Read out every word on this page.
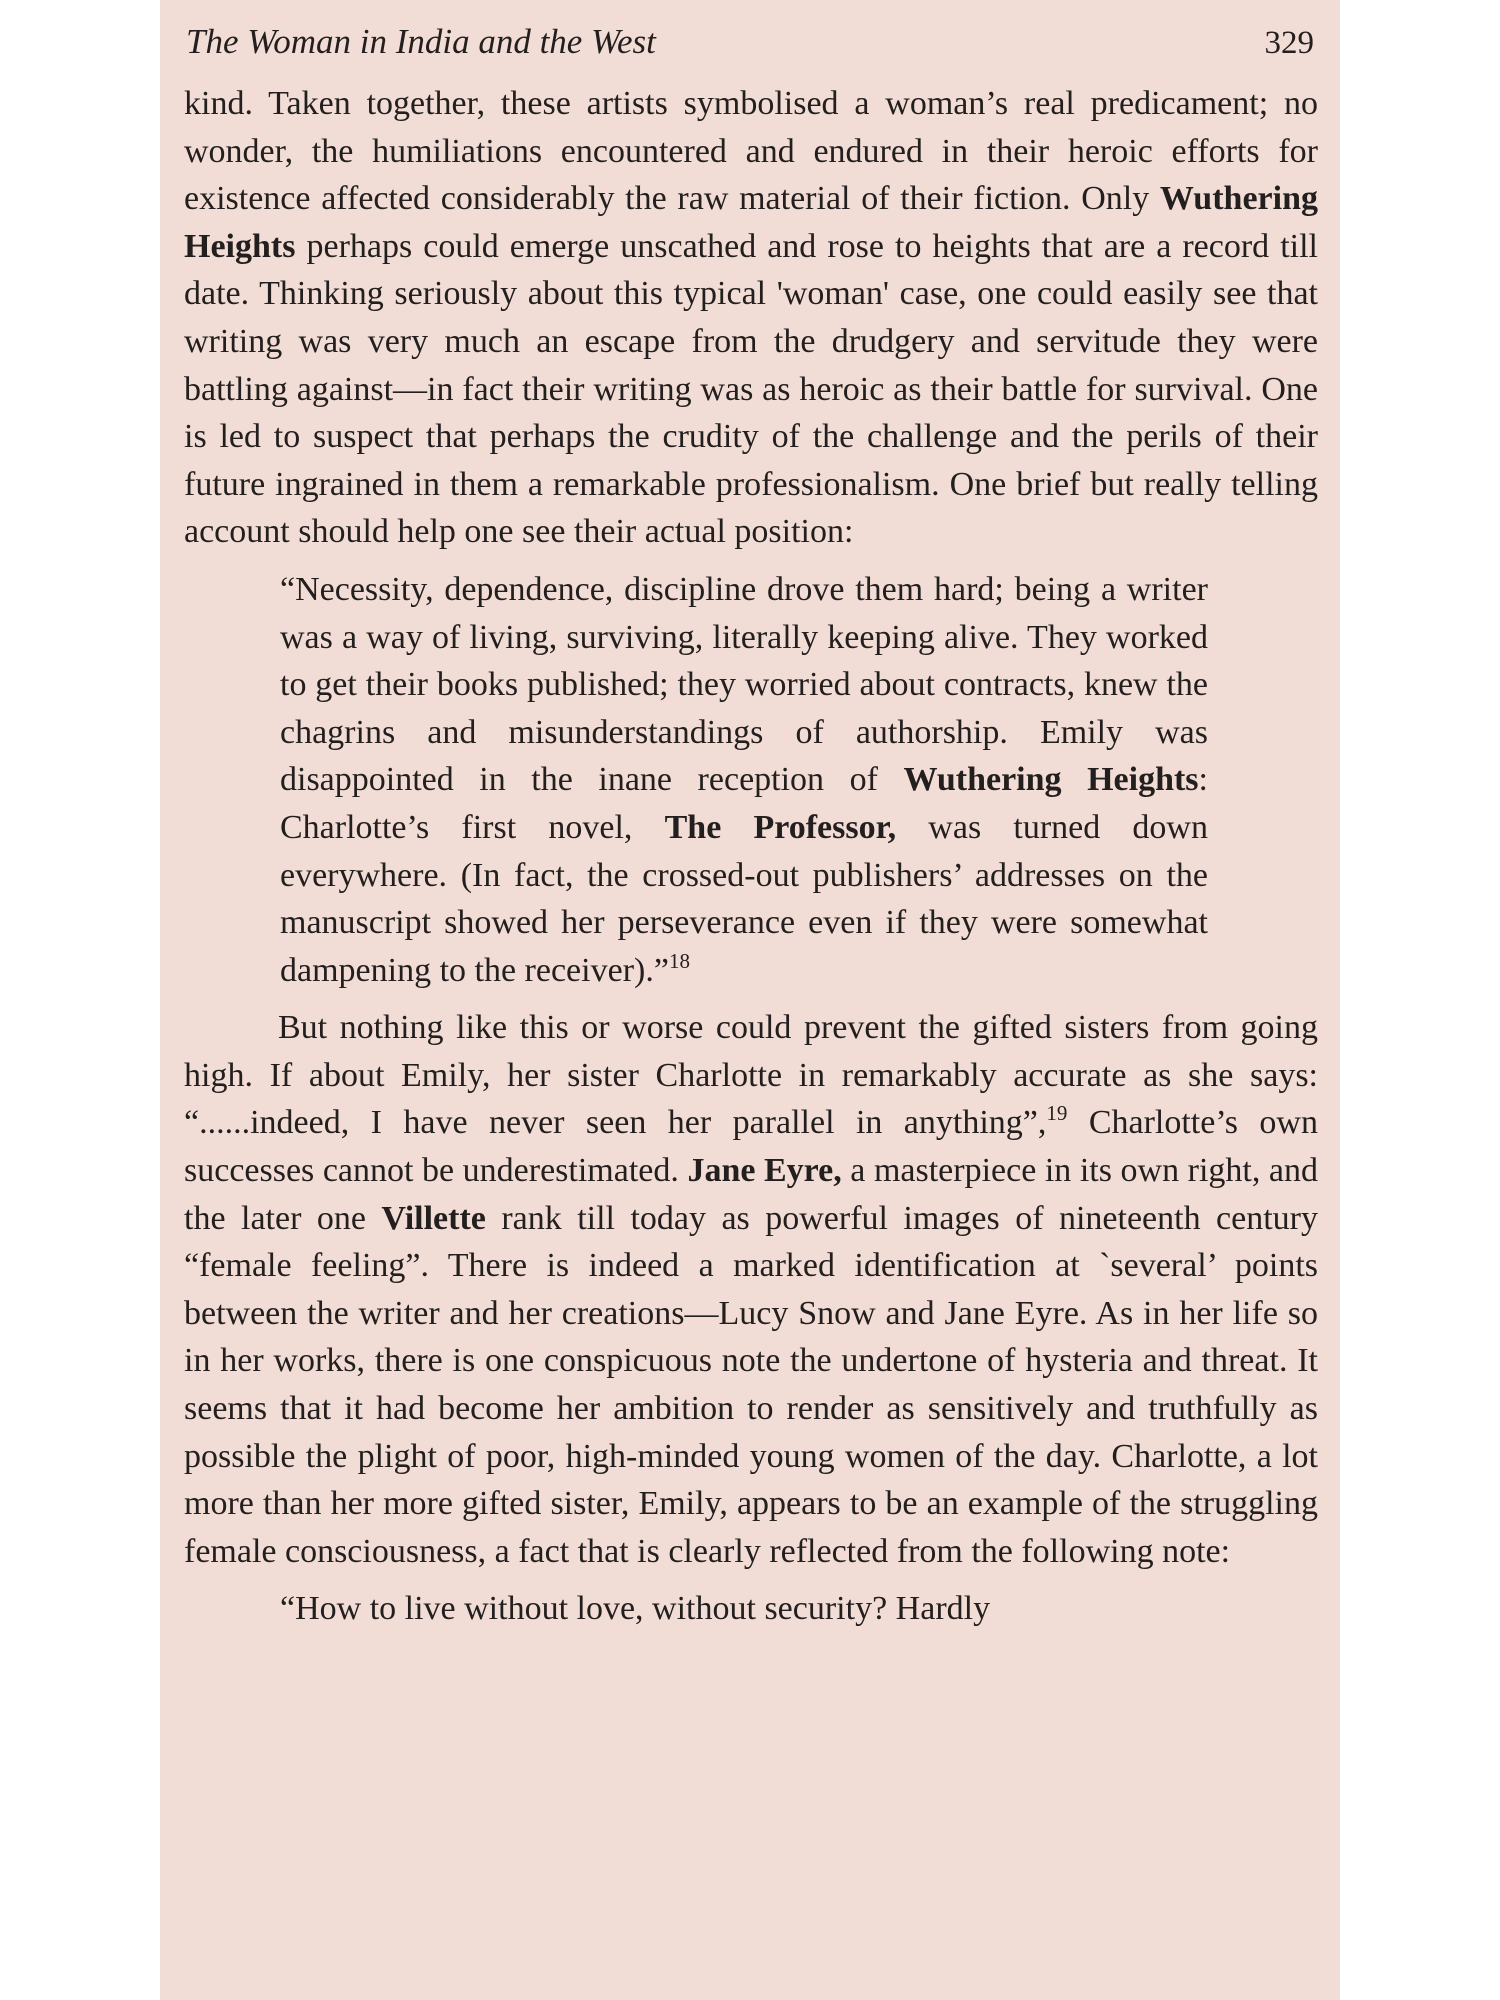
The Woman in India and the West	329

kind. Taken together, these artists symbolised a woman’s real predicament; no wonder, the humiliations encountered and endured in their heroic efforts for existence affected considerably the raw material of their fiction. Only Wuthering Heights perhaps could emerge unscathed and rose to heights that are a record till date. Thinking seriously about this typical 'woman' case, one could easily see that writing was very much an escape from the drudgery and servitude they were battling against—in fact their writing was as heroic as their battle for survival. One is led to suspect that perhaps the crudity of the challenge and the perils of their future ingrained in them a remarkable professionalism. One brief but really telling account should help one see their actual position:

“Necessity, dependence, discipline drove them hard; being a writer was a way of living, surviving, literally keeping alive. They worked to get their books published; they worried about contracts, knew the chagrins and misunderstandings of authorship. Emily was disappointed in the inane reception of Wuthering Heights: Charlotte’s first novel, The Professor, was turned down everywhere. (In fact, the crossed-out publishers’ addresses on the manuscript showed her perseverance even if they were somewhat dampening to the receiver).”$^{18}$

But nothing like this or worse could prevent the gifted sisters from going high. If about Emily, her sister Charlotte in remarkably accurate as she says: “......indeed, I have never seen her parallel in anything”,$^{19}$ Charlotte’s own successes cannot be underestimated. Jane Eyre, a masterpiece in its own right, and the later one Villette rank till today as powerful images of nineteenth century “female feeling”. There is indeed a marked identification at `several’ points between the writer and her creations—Lucy Snow and Jane Eyre. As in her life so in her works, there is one conspicuous note the undertone of hysteria and threat. It seems that it had become her ambition to render as sensitively and truthfully as possible the plight of poor, high-minded young women of the day. Charlotte, a lot more than her more gifted sister, Emily, appears to be an example of the struggling female consciousness, a fact that is clearly reflected from the following note:

“How to live without love, without security? Hardly
